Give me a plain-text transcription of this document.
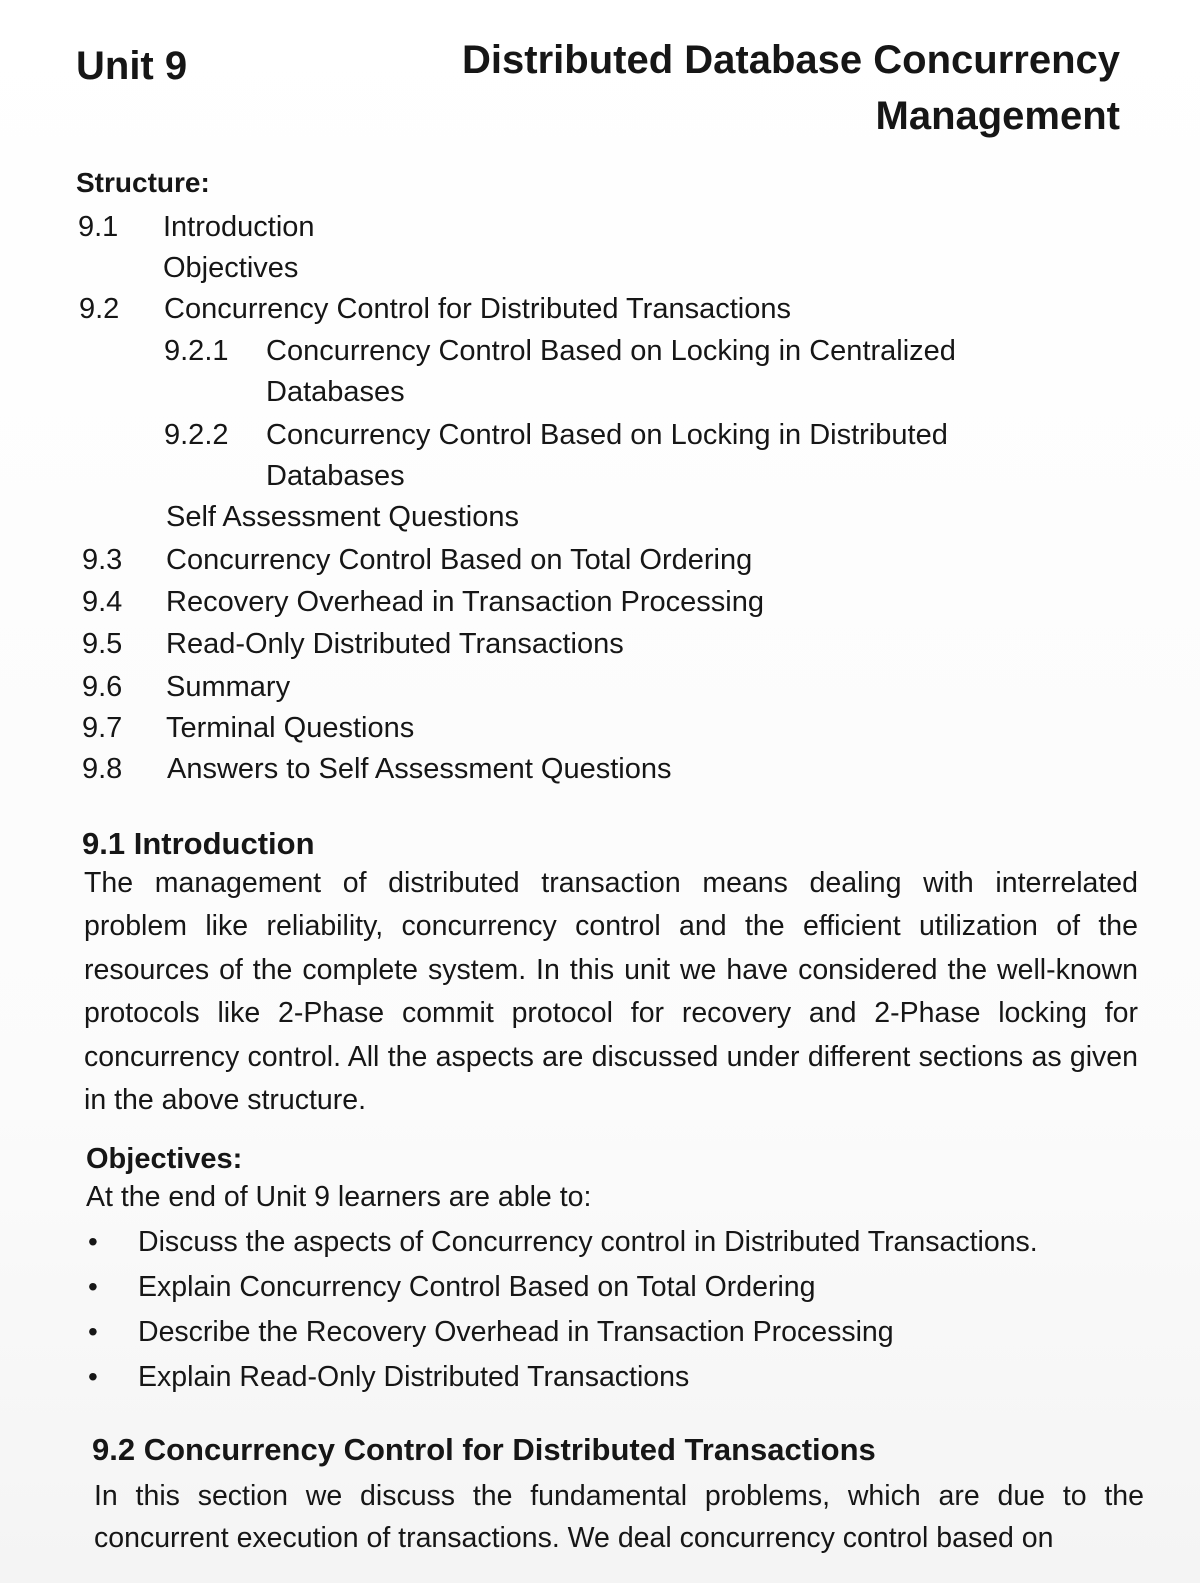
Unit 9	Distributed Database Concurrency
Management
Structure:
9.1 Introduction
Objectives
9.2 Concurrency Control for Distributed Transactions
9.2.1 Concurrency Control Based on Locking in Centralized
Databases
9.2.2 Concurrency Control Based on Locking in Distributed
Databases
Self Assessment Questions
9.3 Concurrency Control Based on Total Ordering
9.4 Recovery Overhead in Transaction Processing
9.5 Read-Only Distributed Transactions
9.6 Summary
9.7 Terminal Questions
9.8 Answers to Self Assessment Questions
9.1 Introduction

The management of distributed transaction means dealing with interrelated problem like reliability, concurrency control and the efficient utilization of the resources of the complete system. In this unit we have considered the well-known protocols like 2-Phase commit protocol for recovery and 2-Phase locking for concurrency control. All the aspects are discussed under different sections as given in the above structure.

Objectives:

At the end of Unit 9 learners are able to:

• Discuss the aspects of Concurrency control in Distributed Transactions.
• Explain Concurrency Control Based on Total Ordering
• Describe the Recovery Overhead in Transaction Processing
• Explain Read-Only Distributed Transactions
9.2 Concurrency Control for Distributed Transactions

In this section we discuss the fundamental problems, which are due to the concurrent execution of transactions. We deal concurrency control based on
